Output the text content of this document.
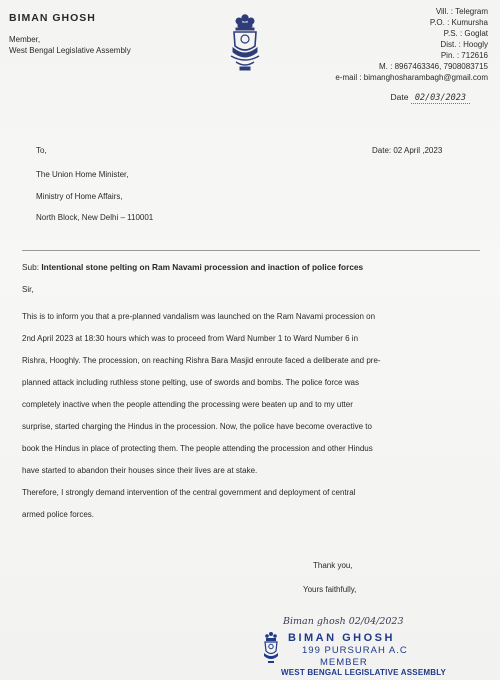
BIMAN GHOSH
Member,
West Bengal Legislative Assembly
Vill. : Telegram
P.O. : Kumursha
P.S. : Goglat
Dist. : Hoogly
Pin. : 712616
M. : 8967463346, 7908083715
e-mail : bimanghosharambagh@gmail.com
Date 02/03/2023
To,	Date: 02 April ,2023
The Union Home Minister,
Ministry of Home Affairs,
North Block, New Delhi – 110001
Sub: Intentional stone pelting on Ram Navami procession and inaction of police forces
Sir,

This is to inform you that a pre-planned vandalism was launched on the Ram Navami procession on

2nd April 2023 at 18:30 hours which was to proceed from Ward Number 1 to Ward Number 6 in

Rishra, Hooghly. The procession, on reaching Rishra Bara Masjid enroute faced a deliberate and pre-

planned attack including ruthless stone pelting, use of swords and bombs. The police force was

completely inactive when the people attending the processing were beaten up and to my utter

surprise, started charging the Hindus in the procession. Now, the police have become overactive to

book the Hindus in place of protecting them. The people attending the procession and other Hindus

have started to abandon their houses since their lives are at stake.

Therefore, I strongly demand intervention of the central government and deployment of central

armed police forces.

Thank you,
Yours faithfully,
Biman ghosh 02/04/2023
BIMAN GHOSH
199 PURSURAH A.C
MEMBER
WEST BENGAL LEGISLATIVE ASSEMBLY
